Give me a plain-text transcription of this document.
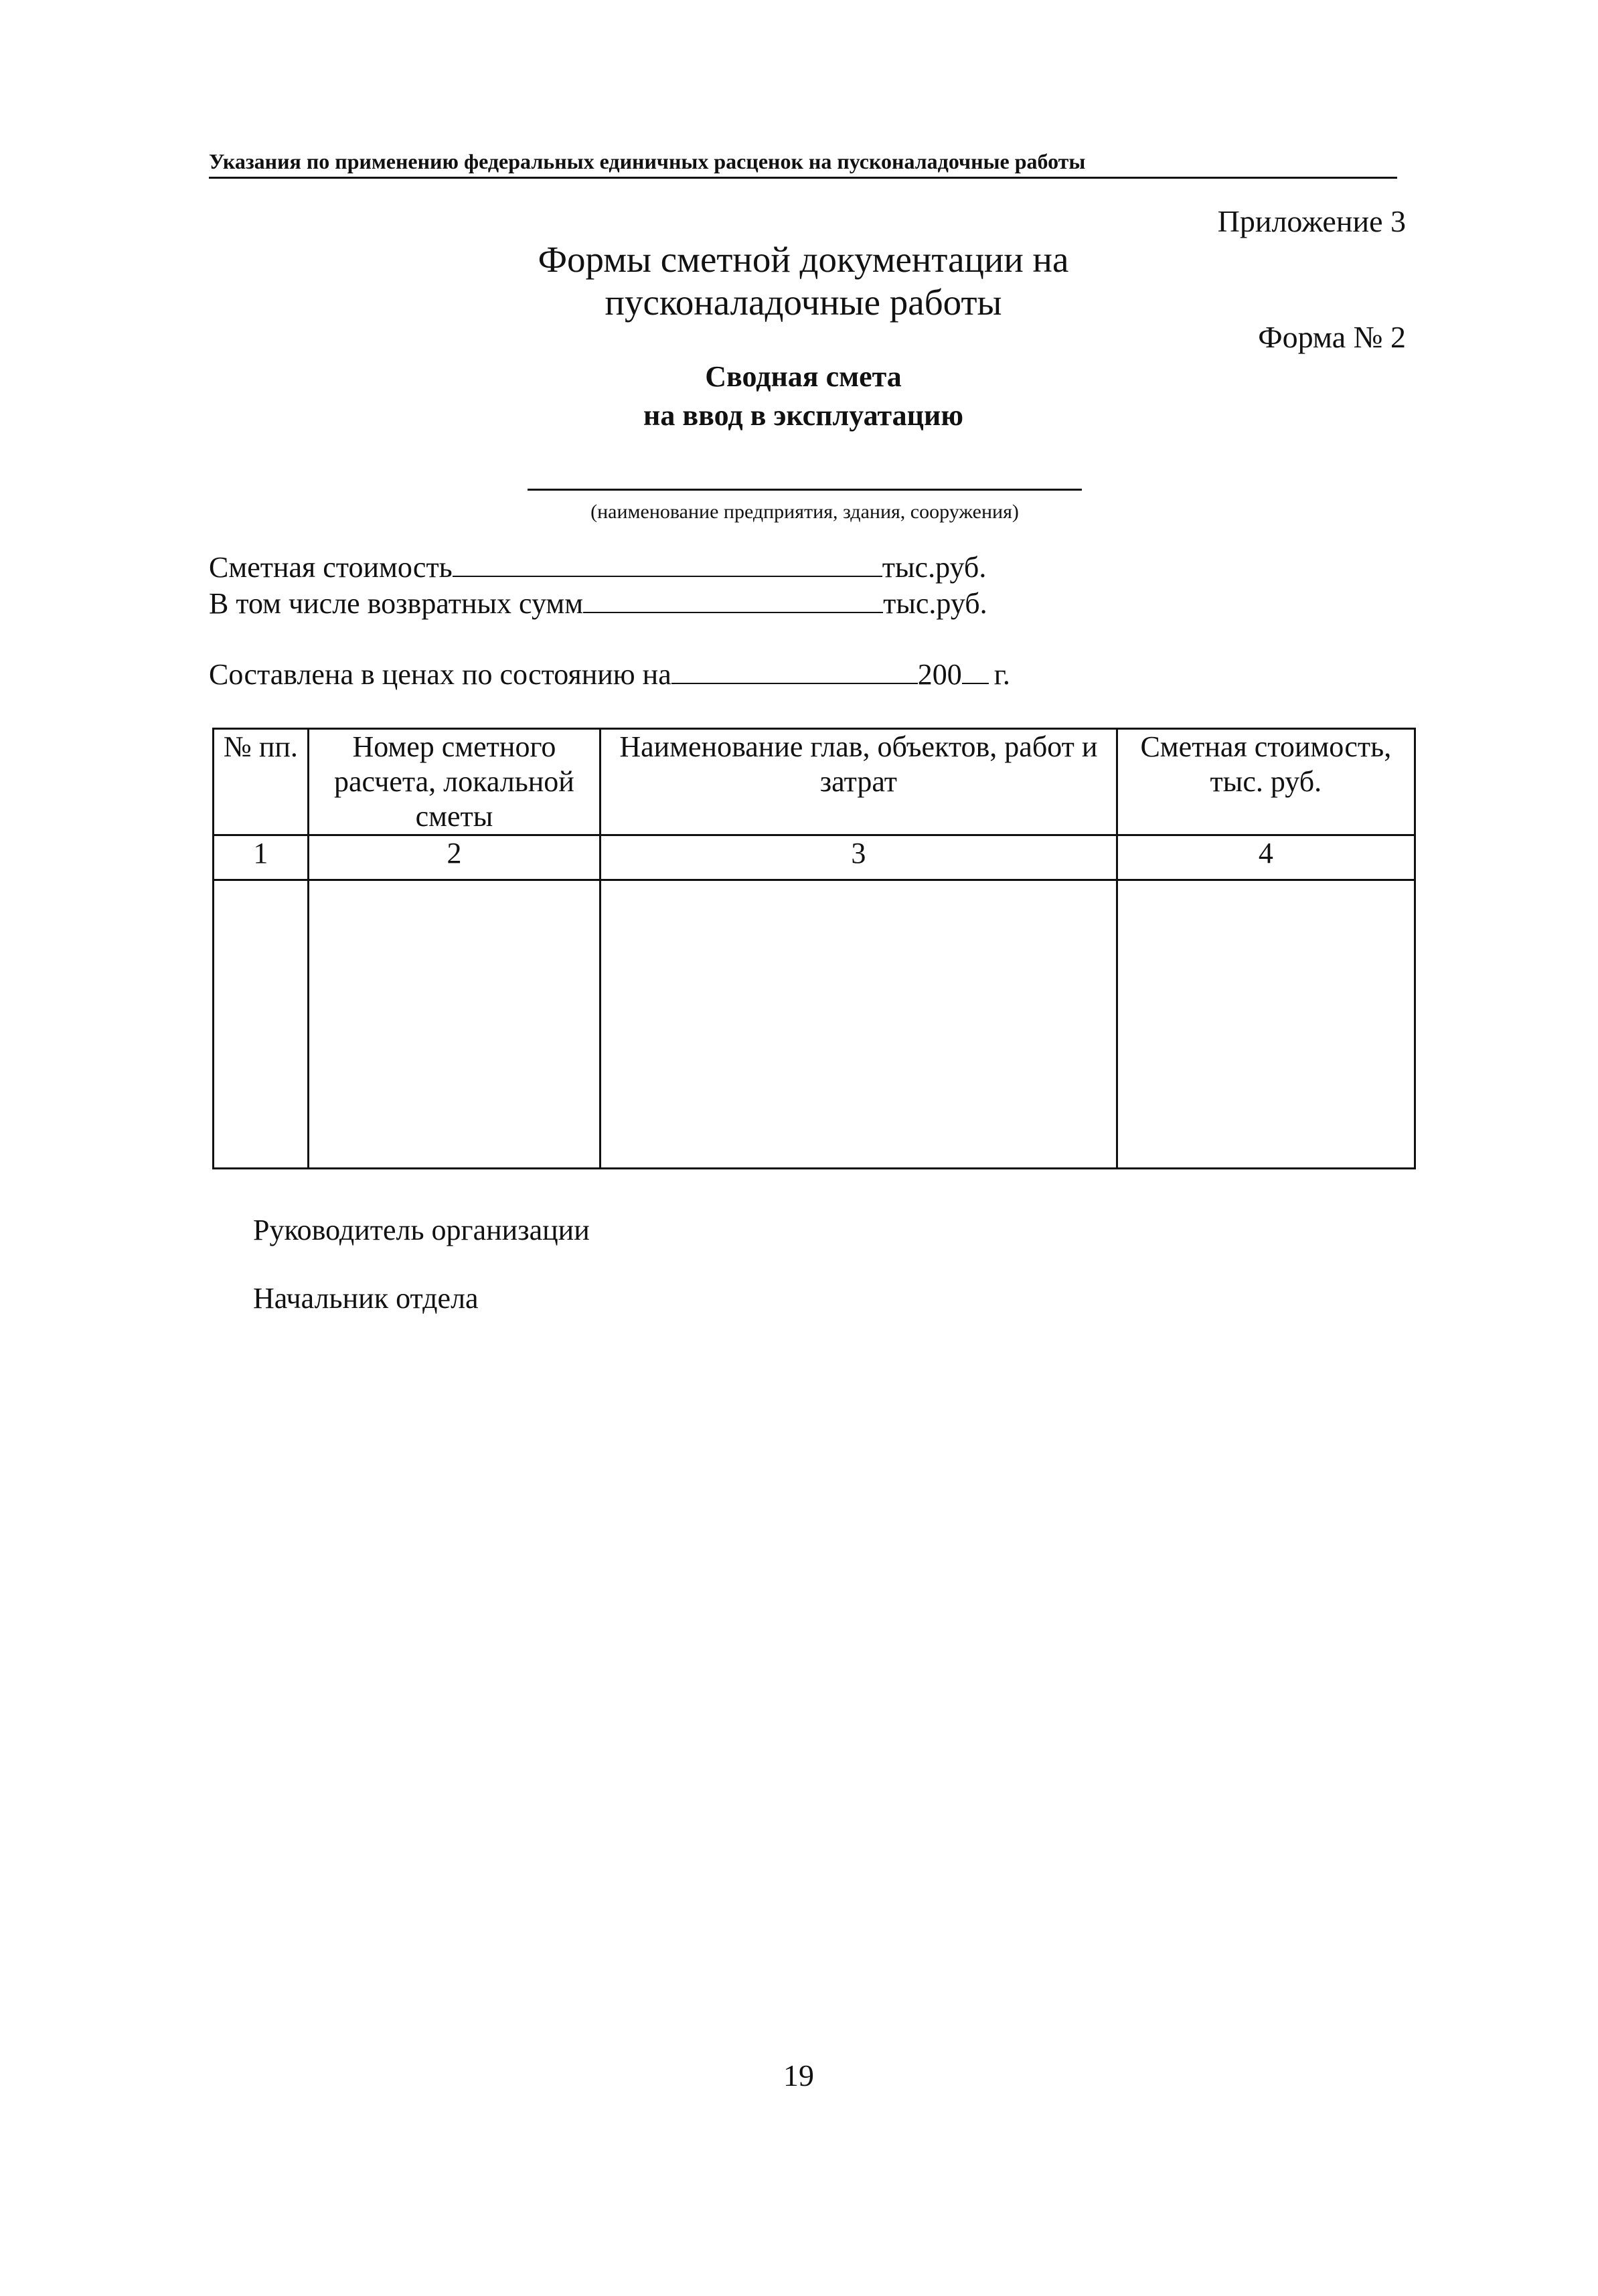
Указания по применению федеральных единичных расценок на пусконаладочные работы
Приложение 3
Формы сметной документации на
пусконаладочные работы
Форма № 2
Сводная смета
на ввод в эксплуатацию
(наименование предприятия, здания, сооружения)
Сметная стоимость	тыс.руб.
В том числе возвратных сумм	тыс.руб.
Составлена в ценах по состоянию на	200 г.
№ пп.	Номер сметного расчета, локальной сметы	Наименование глав, объектов, работ и затрат	Сметная стоимость, тыс. руб.
1	2	3	4

Руководитель организации
Начальник отдела
19
